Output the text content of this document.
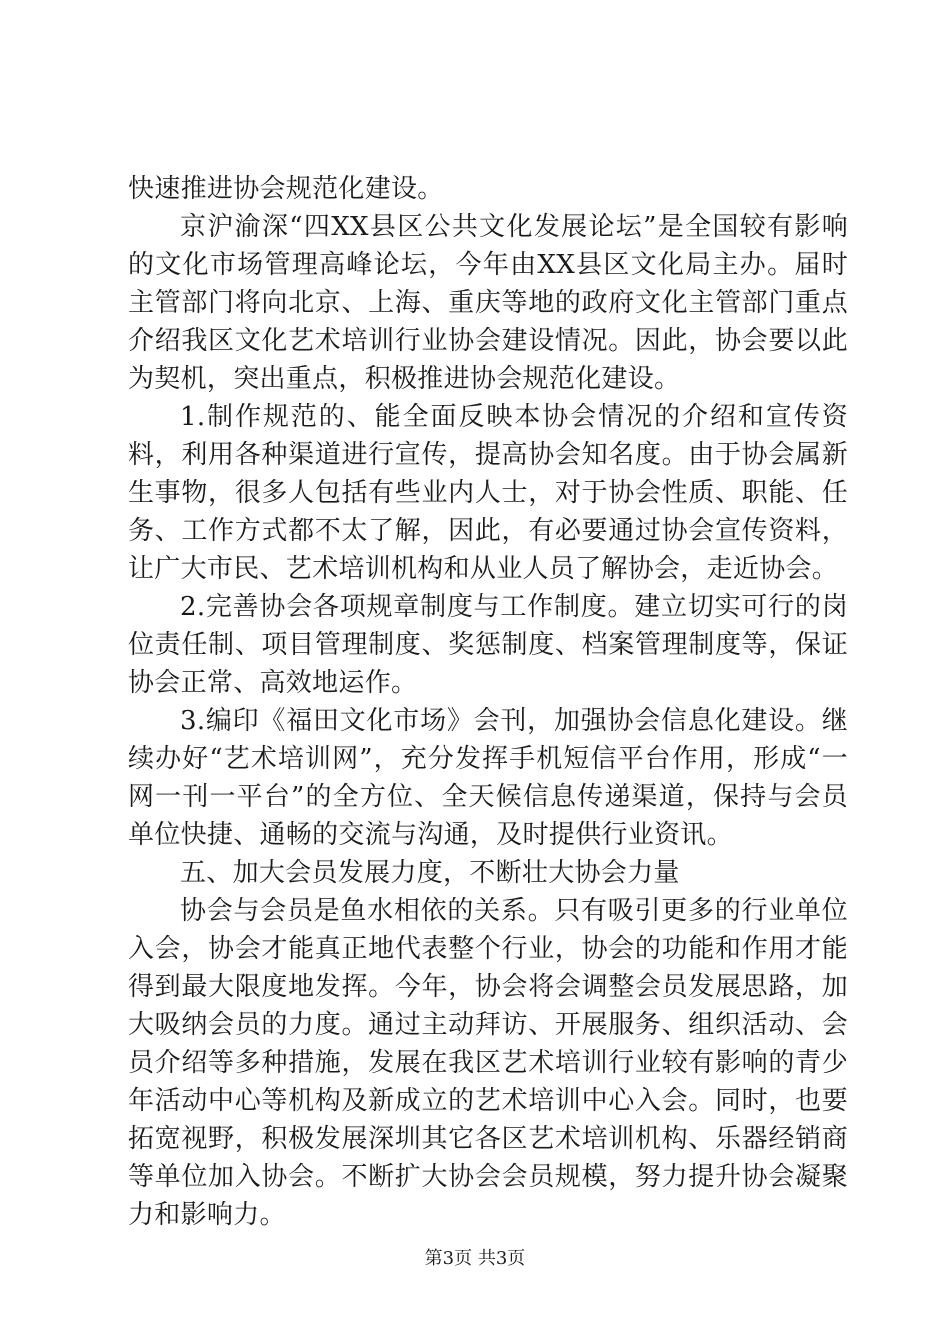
快速推进协会规范化建设。

京沪渝深“四XX县区公共文化发展论坛”是全国较有影响的文化市场管理高峰论坛，今年由XX县区文化局主办。届时主管部门将向北京、上海、重庆等地的政府文化主管部门重点介绍我区文化艺术培训行业协会建设情况。因此，协会要以此为契机，突出重点，积极推进协会规范化建设。

1.制作规范的、能全面反映本协会情况的介绍和宣传资料，利用各种渠道进行宣传，提高协会知名度。由于协会属新生事物，很多人包括有些业内人士，对于协会性质、职能、任务、工作方式都不太了解，因此，有必要通过协会宣传资料，让广大市民、艺术培训机构和从业人员了解协会，走近协会。

2.完善协会各项规章制度与工作制度。建立切实可行的岗位责任制、项目管理制度、奖惩制度、档案管理制度等，保证协会正常、高效地运作。

3.编印《福田文化市场》会刊，加强协会信息化建设。继续办好“艺术培训网”，充分发挥手机短信平台作用，形成“一网一刊一平台”的全方位、全天候信息传递渠道，保持与会员单位快捷、通畅的交流与沟通，及时提供行业资讯。

五、加大会员发展力度，不断壮大协会力量

协会与会员是鱼水相依的关系。只有吸引更多的行业单位入会，协会才能真正地代表整个行业，协会的功能和作用才能得到最大限度地发挥。今年，协会将会调整会员发展思路，加大吸纳会员的力度。通过主动拜访、开展服务、组织活动、会员介绍等多种措施，发展在我区艺术培训行业较有影响的青少年活动中心等机构及新成立的艺术培训中心入会。同时，也要拓宽视野，积极发展深圳其它各区艺术培训机构、乐器经销商等单位加入协会。不断扩大协会会员规模，努力提升协会凝聚力和影响力。

第3页 共3页
